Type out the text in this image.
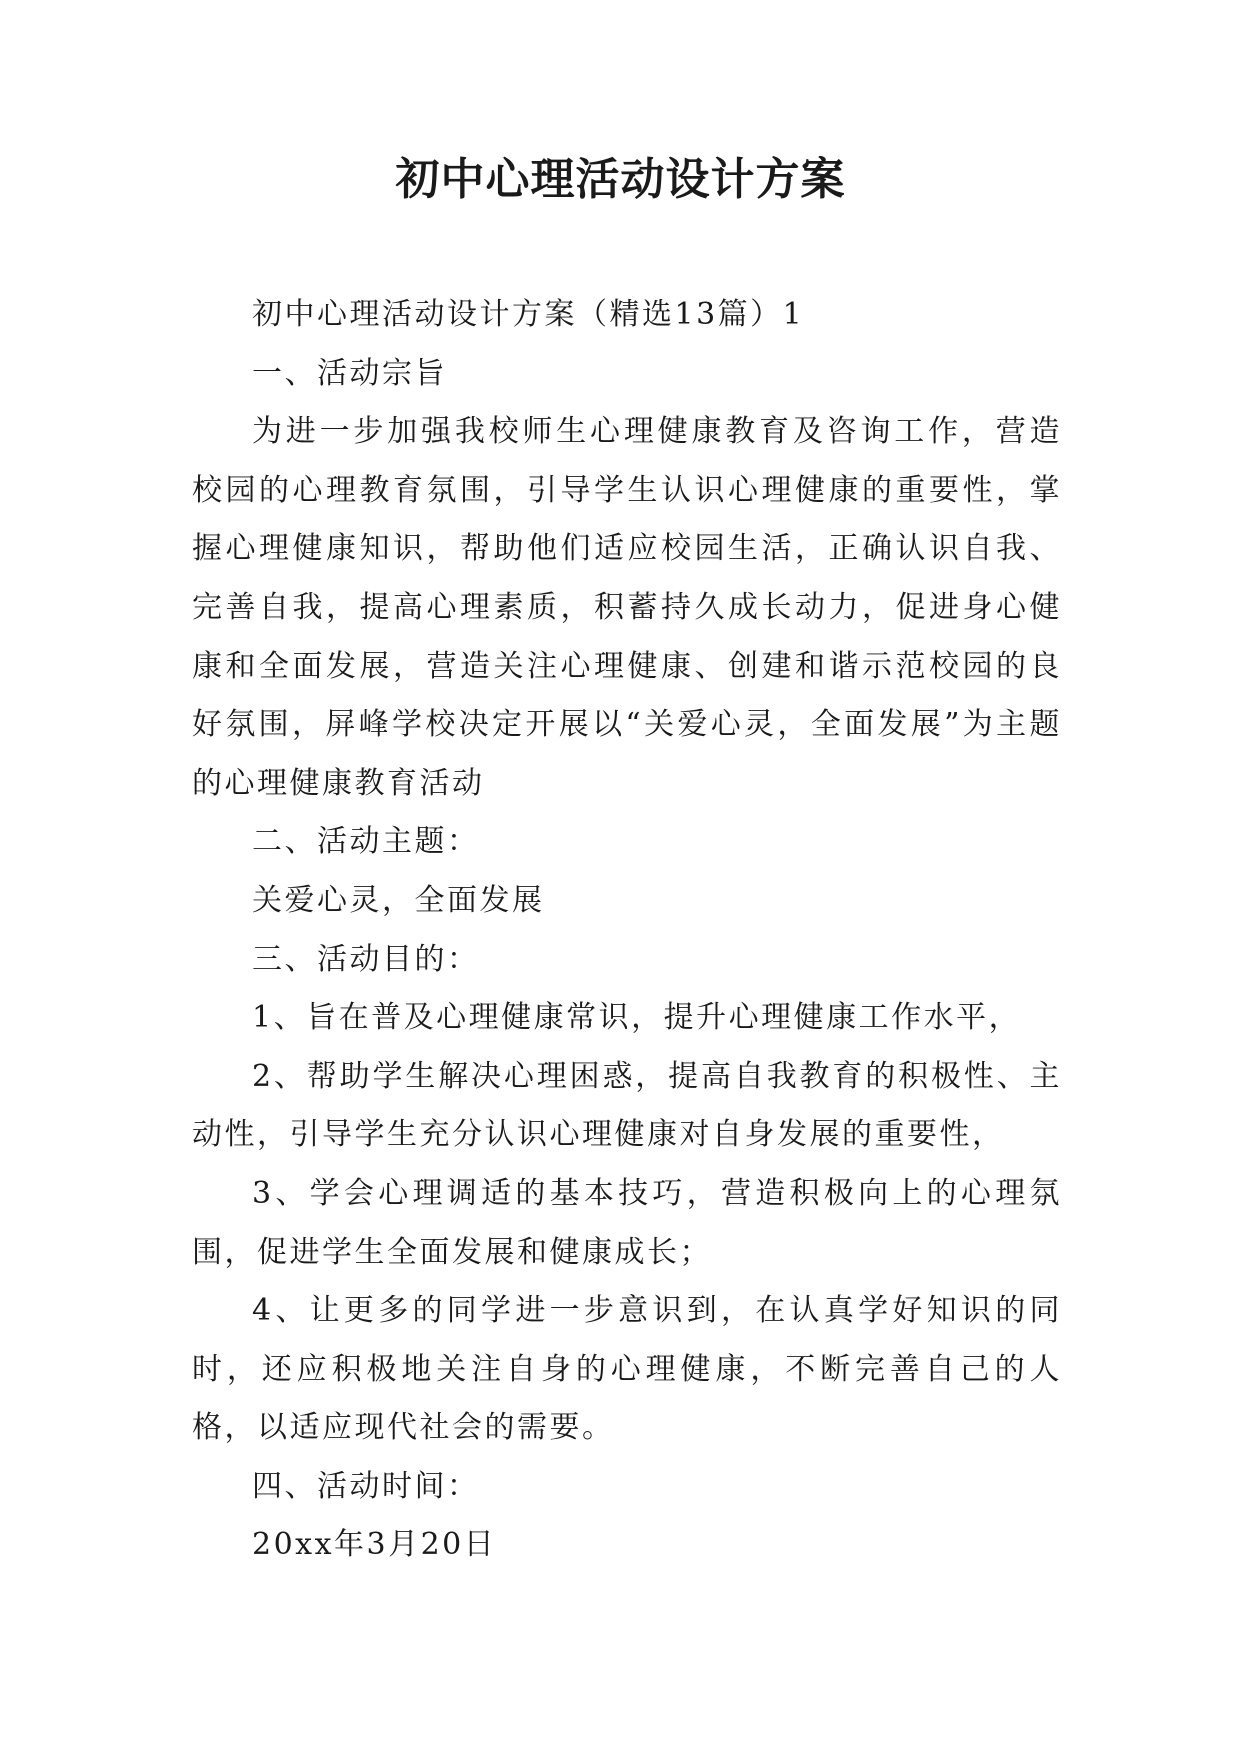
初中心理活动设计方案

初中心理活动设计方案（精选13篇）1

一、活动宗旨

为进一步加强我校师生心理健康教育及咨询工作，营造校园的心理教育氛围，引导学生认识心理健康的重要性，掌握心理健康知识，帮助他们适应校园生活，正确认识自我、完善自我，提高心理素质，积蓄持久成长动力，促进身心健康和全面发展，营造关注心理健康、创建和谐示范校园的良好氛围，屏峰学校决定开展以“关爱心灵，全面发展”为主题的心理健康教育活动

二、活动主题：

关爱心灵，全面发展

三、活动目的：

1、旨在普及心理健康常识，提升心理健康工作水平，

2、帮助学生解决心理困惑，提高自我教育的积极性、主动性，引导学生充分认识心理健康对自身发展的重要性，

3、学会心理调适的基本技巧，营造积极向上的心理氛围，促进学生全面发展和健康成长；

4、让更多的同学进一步意识到，在认真学好知识的同时，还应积极地关注自身的心理健康，不断完善自己的人格，以适应现代社会的需要。

四、活动时间：

20xx年3月20日
